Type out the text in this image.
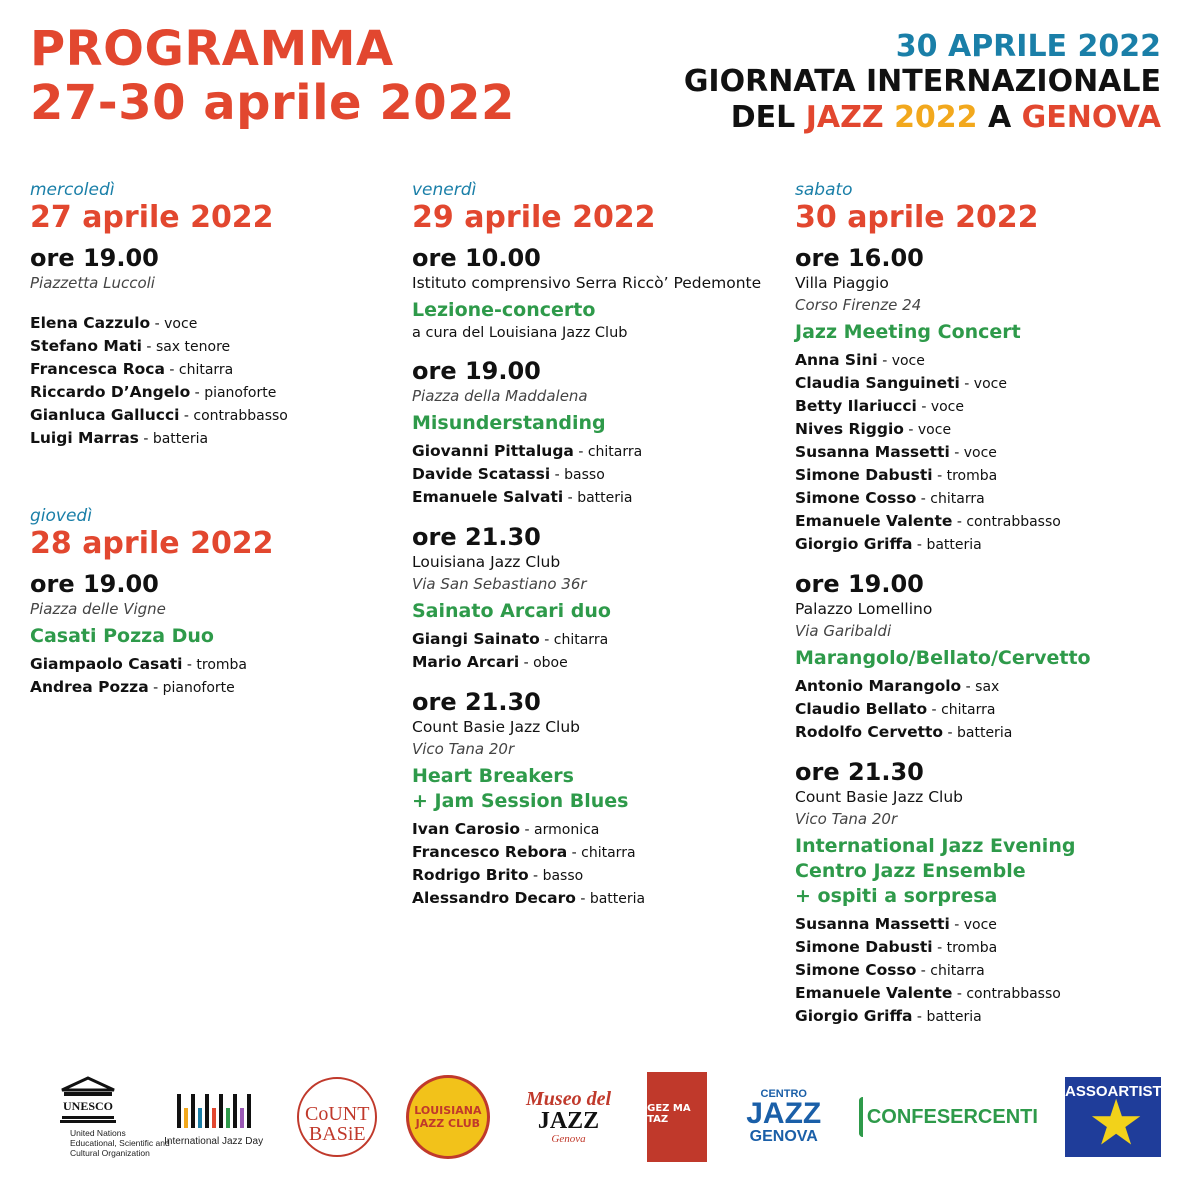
PROGRAMMA
27-30 aprile 2022
30 APRILE 2022
GIORNATA INTERNAZIONALE
DEL JAZZ 2022 A GENOVA
mercoledì
27 aprile 2022
ore 19.00
Piazzetta Luccoli
Elena Cazzulo - voce
Stefano Mati - sax tenore
Francesca Roca - chitarra
Riccardo D’Angelo - pianoforte
Gianluca Gallucci - contrabbasso
Luigi Marras - batteria
giovedì
28 aprile 2022
ore 19.00
Piazza delle Vigne
Casati Pozza Duo
Giampaolo Casati - tromba
Andrea Pozza - pianoforte
venerdì
29 aprile 2022
ore 10.00
Istituto comprensivo Serra Riccò’ Pedemonte
Lezione-concerto
a cura del Louisiana Jazz Club
ore 19.00
Piazza della Maddalena
Misunderstanding
Giovanni Pittaluga - chitarra
Davide Scatassi - basso
Emanuele Salvati - batteria
ore 21.30
Louisiana Jazz Club
Via San Sebastiano 36r
Sainato Arcari duo
Giangi Sainato - chitarra
Mario Arcari - oboe
ore 21.30
Count Basie Jazz Club
Vico Tana 20r
Heart Breakers
+ Jam Session Blues
Ivan Carosio - armonica
Francesco Rebora - chitarra
Rodrigo Brito - basso
Alessandro Decaro - batteria
sabato
30 aprile 2022
ore 16.00
Villa Piaggio
Corso Firenze 24
Jazz Meeting Concert
Anna Sini - voce
Claudia Sanguineti - voce
Betty Ilariucci - voce
Nives Riggio - voce
Susanna Massetti - voce
Simone Dabusti - tromba
Simone Cosso - chitarra
Emanuele Valente - contrabbasso
Giorgio Griffa - batteria
ore 19.00
Palazzo Lomellino
Via Garibaldi
Marangolo/Bellato/Cervetto
Antonio Marangolo - sax
Claudio Bellato - chitarra
Rodolfo Cervetto - batteria
ore 21.30
Count Basie Jazz Club
Vico Tana 20r
International Jazz Evening
Centro Jazz Ensemble
+ ospiti a sorpresa
Susanna Massetti - voce
Simone Dabusti - tromba
Simone Cosso - chitarra
Emanuele Valente - contrabbasso
Giorgio Griffa - batteria
UNESCO
United Nations
Educational, Scientific and
Cultural Organization
International Jazz Day
CoUNT BASiE
LOUISIANA JAZZ CLUB
Museo del
JAZZ
Genova
GEZ MA TAZ
CENTRO
JAZZ
GENOVA
CONFESERCENTI
ASSOARTISTI
★
